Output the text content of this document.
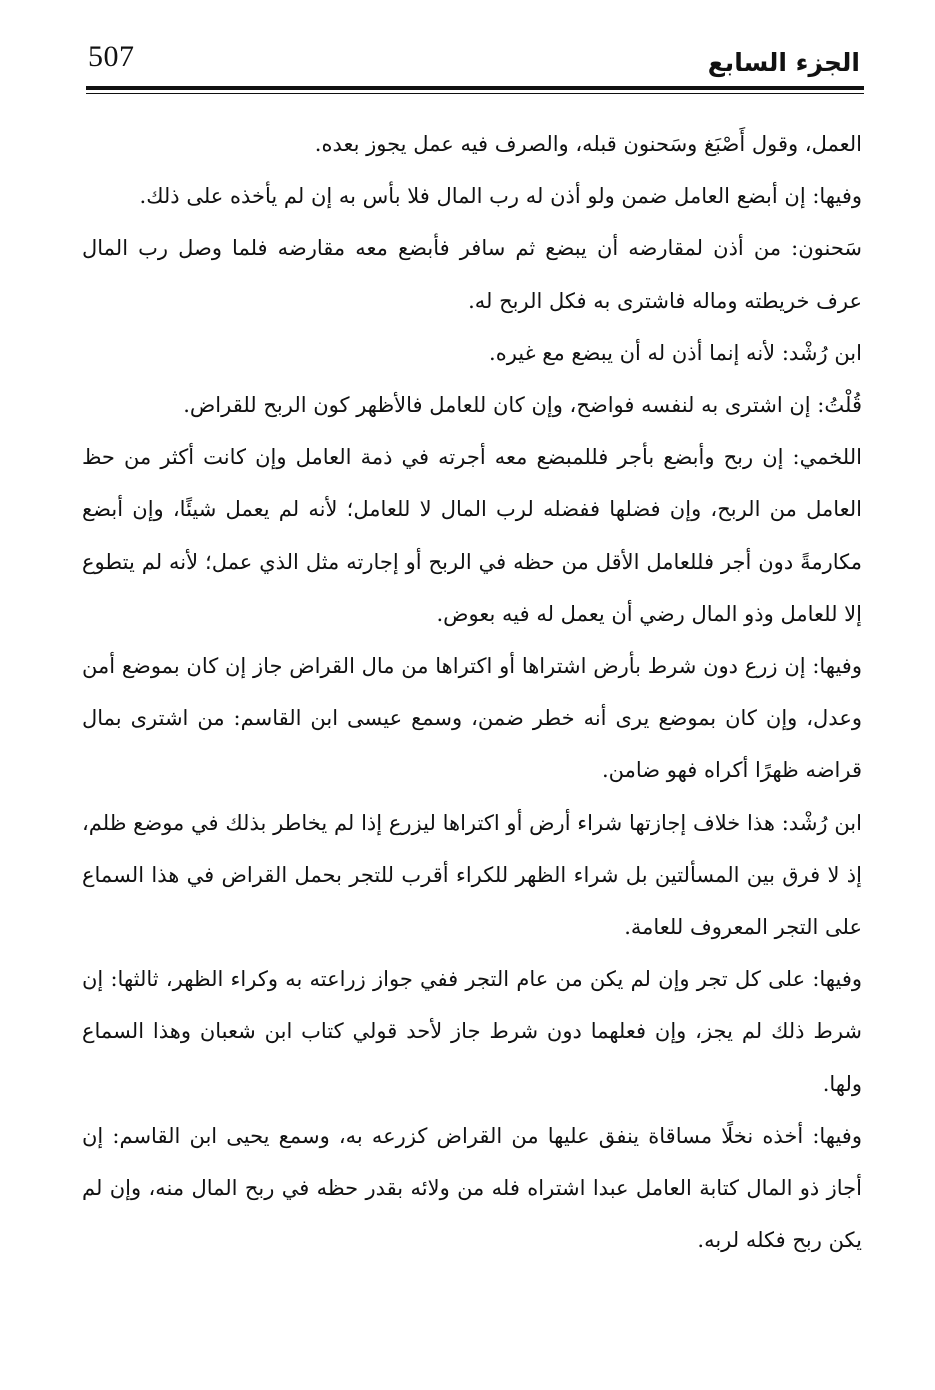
507	الجزء السابع

العمل، وقول أَصْبَغ وسَحنون قبله، والصرف فيه عمل يجوز بعده.

وفيها: إن أبضع العامل ضمن ولو أذن له رب المال فلا بأس به إن لم يأخذه على ذلك.

سَحنون: من أذن لمقارضه أن يبضع ثم سافر فأبضع معه مقارضه فلما وصل رب المال عرف خريطته وماله فاشترى به فكل الربح له.

ابن رُشْد: لأنه إنما أذن له أن يبضع مع غيره.

قُلْتُ: إن اشترى به لنفسه فواضح، وإن كان للعامل فالأظهر كون الربح للقراض.

اللخمي: إن ربح وأبضع بأجر فللمبضع معه أجرته في ذمة العامل وإن كانت أكثر من حظ العامل من الربح، وإن فضلها ففضله لرب المال لا للعامل؛ لأنه لم يعمل شيئًا، وإن أبضع مكارمةً دون أجر فللعامل الأقل من حظه في الربح أو إجارته مثل الذي عمل؛ لأنه لم يتطوع إلا للعامل وذو المال رضي أن يعمل له فيه بعوض.

وفيها: إن زرع دون شرط بأرض اشتراها أو اكتراها من مال القراض جاز إن كان بموضع أمن وعدل، وإن كان بموضع يرى أنه خطر ضمن، وسمع عيسى ابن القاسم: من اشترى بمال قراضه ظهرًا أكراه فهو ضامن.

ابن رُشْد: هذا خلاف إجازتها شراء أرض أو اكتراها ليزرع إذا لم يخاطر بذلك في موضع ظلم، إذ لا فرق بين المسألتين بل شراء الظهر للكراء أقرب للتجر بحمل القراض في هذا السماع على التجر المعروف للعامة.

وفيها: على كل تجر وإن لم يكن من عام التجر ففي جواز زراعته به وكراء الظهر، ثالثها: إن شرط ذلك لم يجز، وإن فعلهما دون شرط جاز لأحد قولي كتاب ابن شعبان وهذا السماع ولها.

وفيها: أخذه نخلًا مساقاة ينفق عليها من القراض كزرعه به، وسمع يحيى ابن القاسم: إن أجاز ذو المال كتابة العامل عبدا اشتراه فله من ولائه بقدر حظه في ربح المال منه، وإن لم يكن ربح فكله لربه.
